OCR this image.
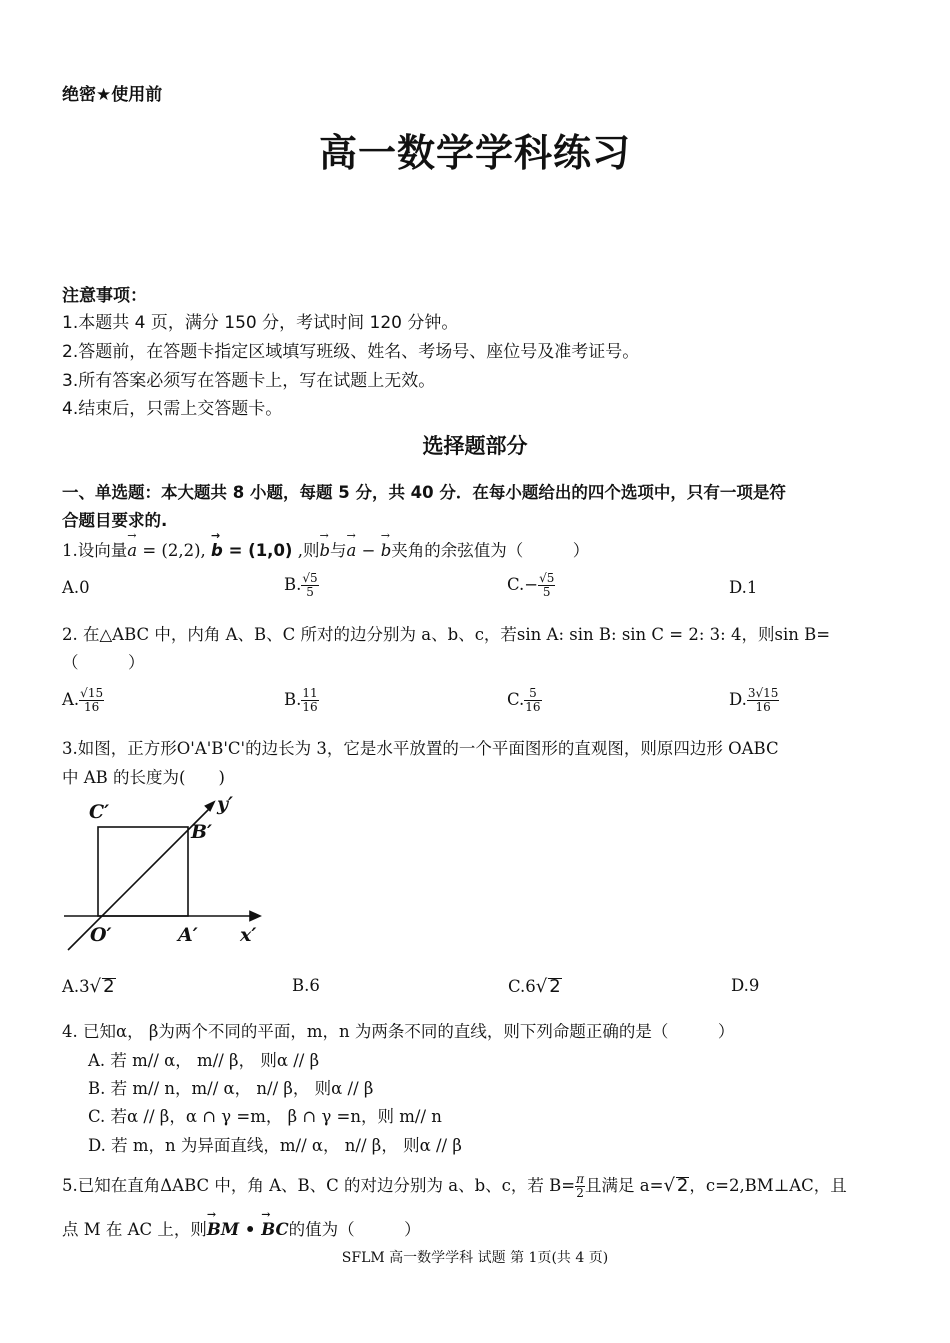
绝密★使用前
高一数学学科练习
注意事项：
1.本题共 4 页，满分 150 分，考试时间 120 分钟。
2.答题前，在答题卡指定区域填写班级、姓名、考场号、座位号及准考证号。
3.所有答案必须写在答题卡上，写在试题上无效。
4.结束后，只需上交答题卡。
选择题部分
一、单选题：本大题共 8 小题，每题 5 分，共 40 分．在每小题给出的四个选项中，只有一项是符
合题目要求的.
1.设向量→ a = (2,2), → b = (1,0) ,则→ b与→ a − → b夹角的余弦值为（　　　）
A.0	B. $\frac{√5}{5}$	$C.- \frac{√5}{5}$	D.1
2. 在△ABC 中，内角 A、B、C 所对的边分别为 a、b、c，若sin A: sin B: sin C = 2: 3: 4，则sin B=
（　　　）
A. $\frac{√15}{16}$	B. $\frac{11}{16}$	C. $\frac{5}{16}$	D. $\frac{3√15}{16}$
3.如图，正方形O'A'B'C'的边长为 3，它是水平放置的一个平面图形的直观图，则原四边形 OABC
中 AB 的长度为(　　)
C′
B′
y′
O′	A′ x′
A.3√ 2	B.6	C.6√ 2	D.9
4. 已知α， β为两个不同的平面，m，n 为两条不同的直线，则下列命题正确的是（　　　）
A. 若 m// α， m// β， 则α // β
B. 若 m// n，m// α， n// β， 则α // β
C. 若α // β，α ∩ γ =m， β ∩ γ =n，则 m// n
D. 若 m，n 为异面直线，m// α， n// β， 则α // β
5.已知在直角ΔABC 中，角 A、B、C 的对边分别为 a、b、c，若 $B= \frac{\pi}{2}$ 且满足 a=√ 2，c=2,BM⊥AC，且
点 M 在 AC 上，则→ BM • → BC的值为（　　　）
SFLM 高一数学学科 试题 第 1页(共 4 页)
